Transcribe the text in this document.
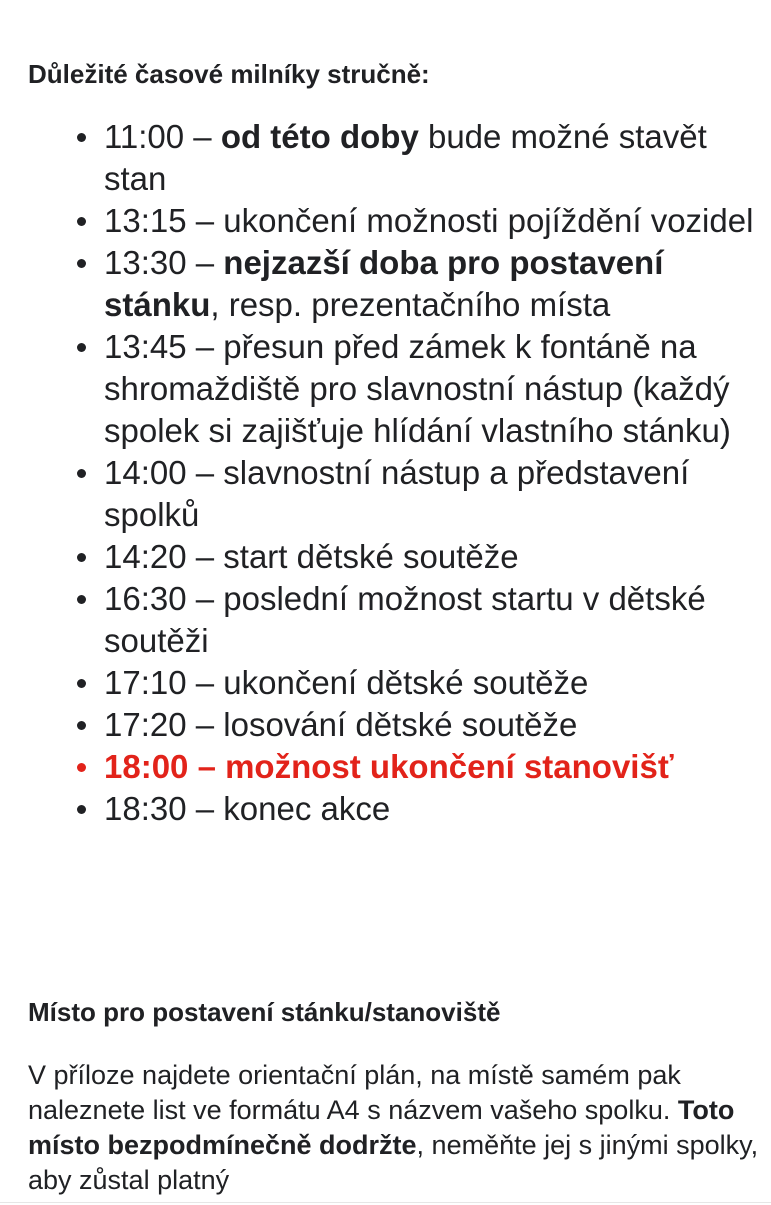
Důležité časové milníky stručně:
11:00 – od této doby bude možné stavět stan
13:15 – ukončení možnosti pojíždění vozidel
13:30 – nejzazší doba pro postavení stánku, resp. prezentačního místa
13:45 – přesun před zámek k fontáně na shromaždiště pro slavnostní nástup (každý spolek si zajišťuje hlídání vlastního stánku)
14:00 – slavnostní nástup a představení spolků
14:20 – start dětské soutěže
16:30 – poslední možnost startu v dětské soutěži
17:10 – ukončení dětské soutěže
17:20 – losování dětské soutěže
18:00 – možnost ukončení stanovišť
18:30 – konec akce
Místo pro postavení stánku/stanoviště

V příloze najdete orientační plán, na místě samém pak naleznete list ve formátu A4 s názvem vašeho spolku. Toto místo bezpodmínečně dodržte, neměňte jej s jinými spolky, aby zůstal platný
